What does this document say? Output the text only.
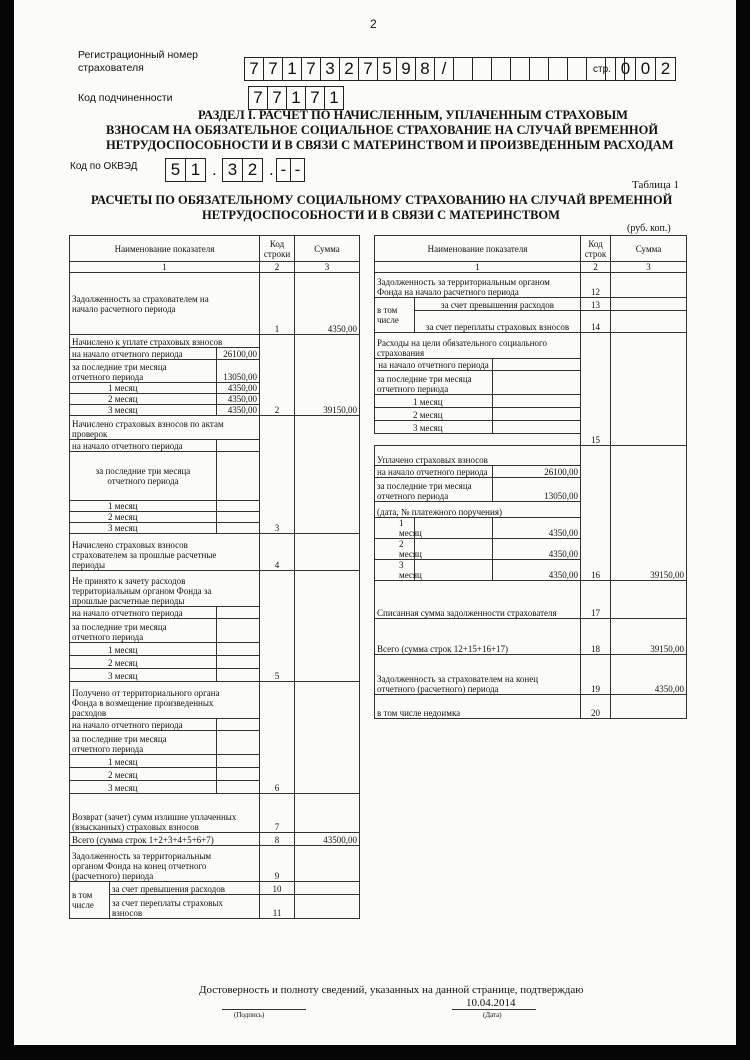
2
Регистрационный номер
страхователя	7 7 1 7 3 2 7 5 9 8 /	стр. 0 0 2
Код подчиненности	7 7 1 7 1
РАЗДЕЛ I. РАСЧЕТ ПО НАЧИСЛЕННЫМ, УПЛАЧЕННЫМ СТРАХОВЫМ
ВЗНОСАМ НА ОБЯЗАТЕЛЬНОЕ СОЦИАЛЬНОЕ СТРАХОВАНИЕ НА СЛУЧАЙ ВРЕМЕННОЙ
НЕТРУДОСПОСОБНОСТИ И В СВЯЗИ С МАТЕРИНСТВОМ И ПРОИЗВЕДЕННЫМ РАСХОДАМ
Код по ОКВЭД	5 1 . 3 2 . - -
Таблица 1
РАСЧЕТЫ ПО ОБЯЗАТЕЛЬНОМУ СОЦИАЛЬНОМУ СТРАХОВАНИЮ НА СЛУЧАЙ ВРЕМЕННОЙ
НЕТРУДОСПОСОБНОСТИ И В СВЯЗИ С МАТЕРИНСТВОМ
(руб. коп.)
Наименование показателя			Код
строки	Сумма
1			2	3
Задолженность за страхователем на
начало расчетного периода			1	4350,00
Начислено к уплате страховых взносов			2	39150,00
на начало отчетного периода		26100,00		
за последние три месяца		13050,00		
отчетного периода				
1 месяц		4350,00		
2 месяц		4350,00		
3 месяц		4350,00		
Начислено страховых взносов по актам
проверок			3	
на начало отчетного периода				
за последние три месяца
отчетного периода				
1 месяц				
2 месяц				
3 месяц				
Начислено страховых взносов
страхователем за прошлые расчетные
периоды			4	
Не принято к зачету расходов
территориальным органом Фонда за
прошлые расчетные периоды			5	
на начало отчетного периода				
за последние три месяца
отчетного периода				
1 месяц				
2 месяц				
3 месяц				
Получено от территориального органа
Фонда в возмещение произведенных
расходов			6	
на начало отчетного периода				
за последние три месяца
отчетного периода				
1 месяц				
2 месяц				
3 месяц				
Возврат (зачет) сумм излишне уплаченных
(взысканных) страховых взносов			7	
Всего (сумма строк 1+2+3+4+5+6+7)			8	43500,00
Задолженность за территориальным
органом Фонда на конец отчетного
(расчетного) периода			9	
в том
числе	за счет превышения расходов		10	
	за счет переплаты страховых
взносов		11	
Наименование показателя			Код
строк	Сумма
1			2	3
Задолженность за территориальным органом
Фонда на начало расчетного периода			12	
в том
числе	за счет превышения расходов		13	
	за счет переплаты страховых взносов		14	
Расходы на цели обязательного социального
страхования			15	
на начало отчетного периода				
за последние три месяца
отчетного периода				
1 месяц				
2 месяц				
3 месяц				

Уплачено страховых взносов			16	39150,00
на начало отчетного периода		26100,00		
за последние три месяца
отчетного периода		13050,00		
(дата, № платежного поручения)				
1 месяц		4350,00		
2 месяц		4350,00		
3 месяц		4350,00		
Списанная сумма задолженности страхователя			17	
Всего (сумма строк 12+15+16+17)			18	39150,00
Задолженность за страхователем на конец
отчетного (расчетного) периода			19	4350,00
в том числе недоимка			20	
Достоверность и полноту сведений, указанных на данной странице, подтверждаю
10.04.2014
(Подпись)	(Дата)
